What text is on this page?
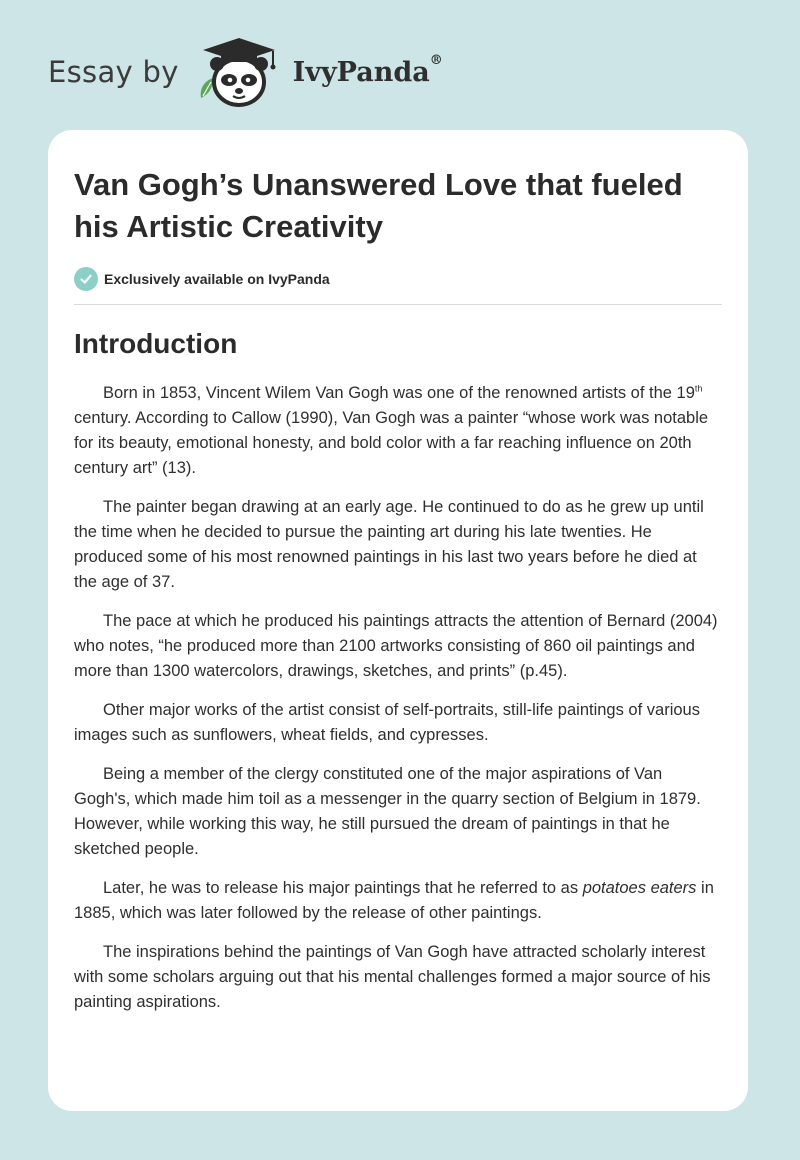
Essay by	IvyPanda®
Van Gogh’s Unanswered Love that fueled his Artistic Creativity
Exclusively available on IvyPanda
Introduction

Born in 1853, Vincent Wilem Van Gogh was one of the renowned artists of the 19th century. According to Callow (1990), Van Gogh was a painter “whose work was notable for its beauty, emotional honesty, and bold color with a far reaching influence on 20th century art” (13).

The painter began drawing at an early age. He continued to do as he grew up until the time when he decided to pursue the painting art during his late twenties. He produced some of his most renowned paintings in his last two years before he died at the age of 37.

The pace at which he produced his paintings attracts the attention of Bernard (2004) who notes, “he produced more than 2100 artworks consisting of 860 oil paintings and more than 1300 watercolors, drawings, sketches, and prints” (p.45).

Other major works of the artist consist of self-portraits, still-life paintings of various images such as sunflowers, wheat fields, and cypresses.

Being a member of the clergy constituted one of the major aspirations of Van Gogh's, which made him toil as a messenger in the quarry section of Belgium in 1879. However, while working this way, he still pursued the dream of paintings in that he sketched people.

Later, he was to release his major paintings that he referred to as potatoes eaters in 1885, which was later followed by the release of other paintings.

The inspirations behind the paintings of Van Gogh have attracted scholarly interest with some scholars arguing out that his mental challenges formed a major source of his painting aspirations.
